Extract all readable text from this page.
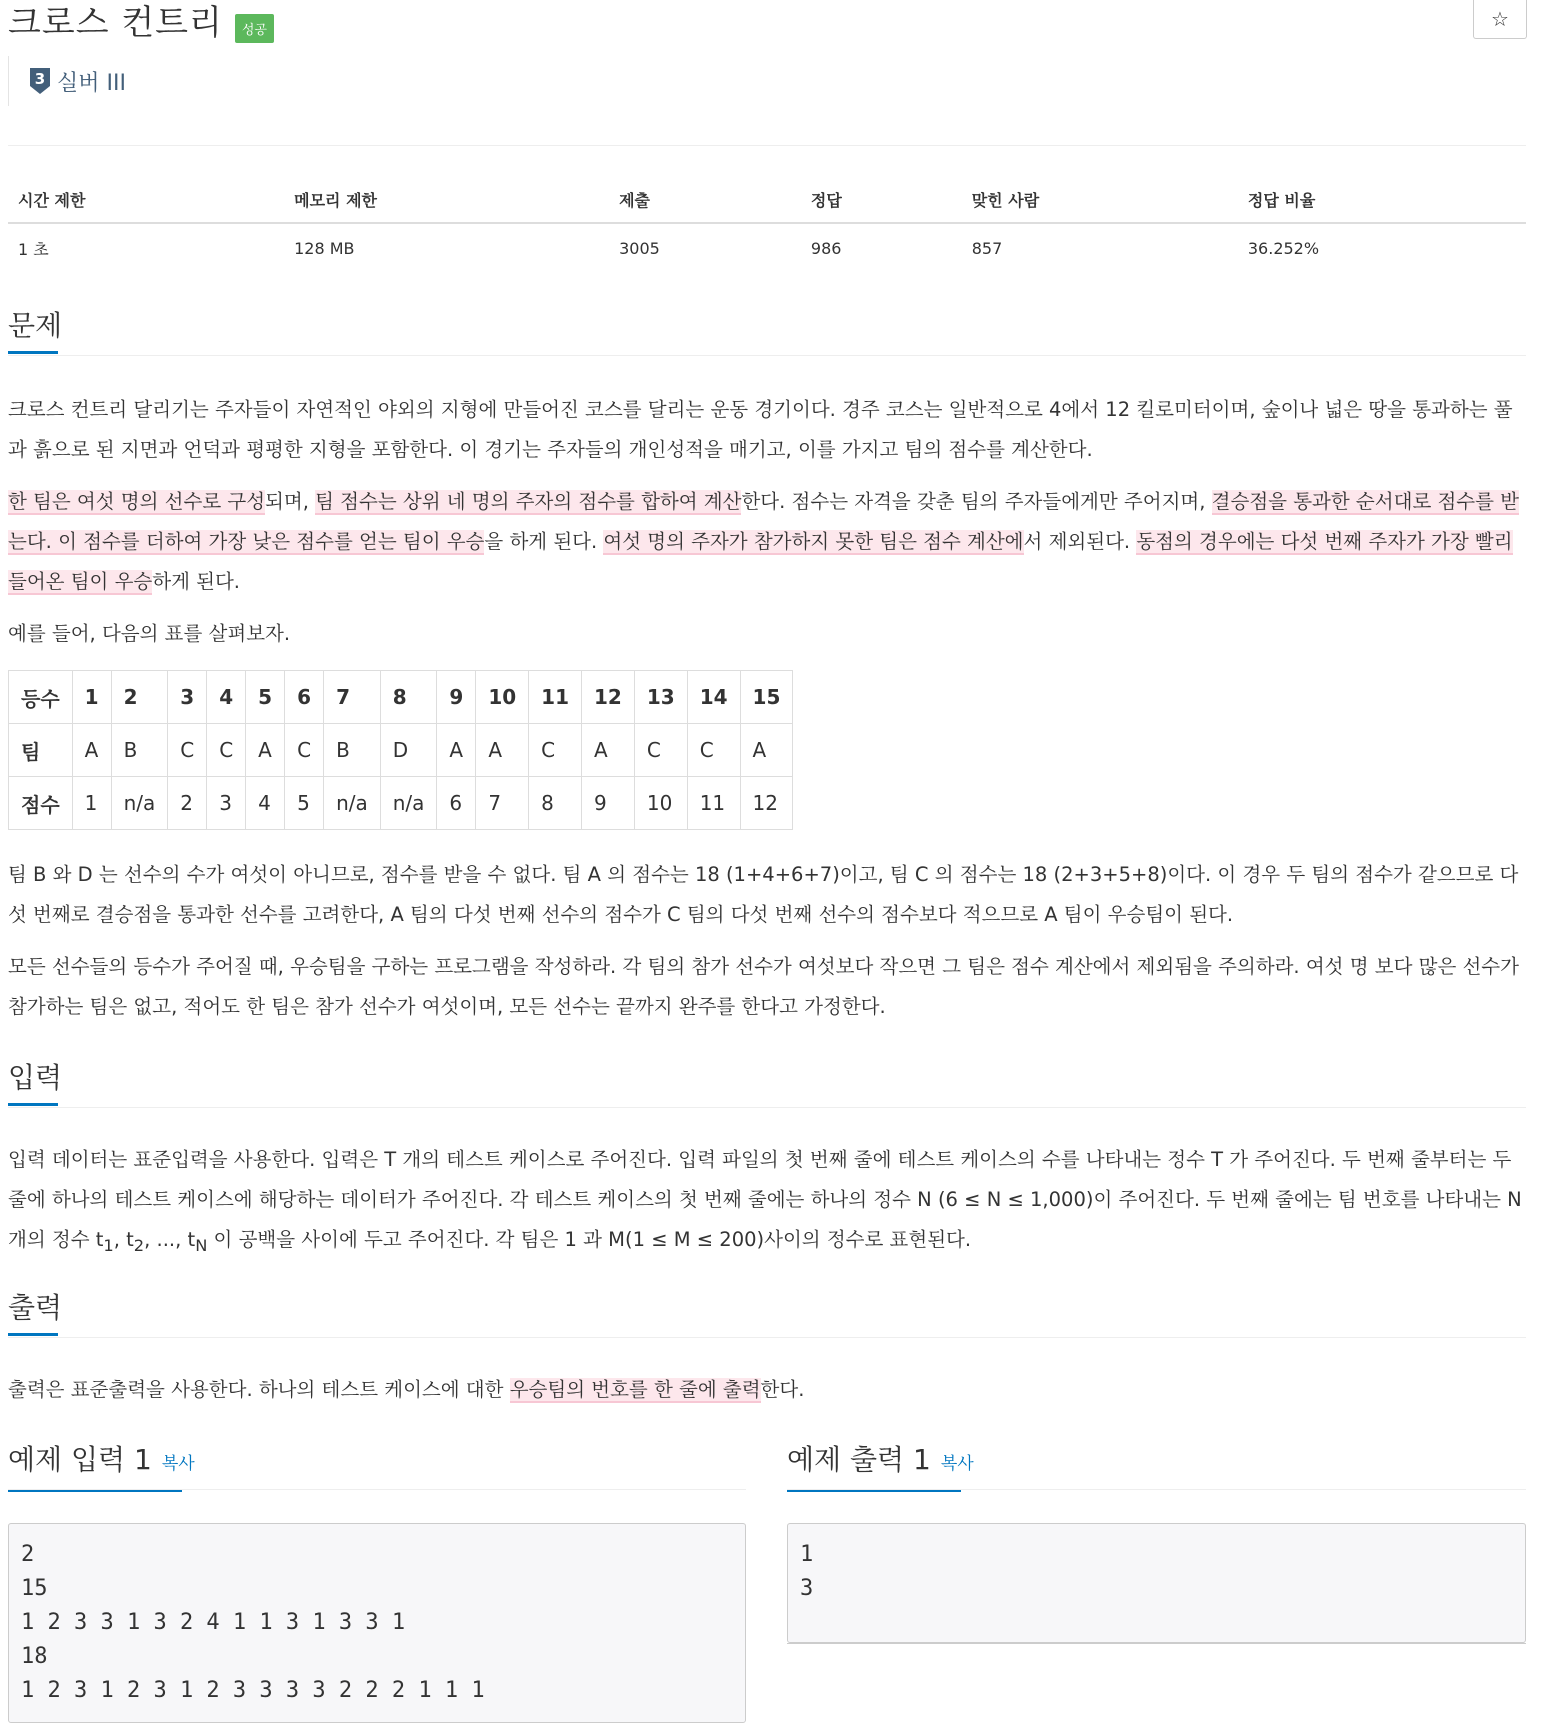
크로스 컨트리	성공	☆
3 실버 III
시간 제한	메모리 제한	제출	정답	맞힌 사람	정답 비율
1 초	128 MB	3005	986	857	36.252%
문제

크로스 컨트리 달리기는 주자들이 자연적인 야외의 지형에 만들어진 코스를 달리는 운동 경기이다. 경주 코스는 일반적으로 4에서 12 킬로미터이며, 숲이나 넓은 땅을 통과하는 풀과 흙으로 된 지면과 언덕과 평평한 지형을 포함한다. 이 경기는 주자들의 개인성적을 매기고, 이를 가지고 팀의 점수를 계산한다.

한 팀은 여섯 명의 선수로 구성되며, 팀 점수는 상위 네 명의 주자의 점수를 합하여 계산한다. 점수는 자격을 갖춘 팀의 주자들에게만 주어지며, 결승점을 통과한 순서대로 점수를 받는다. 이 점수를 더하여 가장 낮은 점수를 얻는 팀이 우승을 하게 된다. 여섯 명의 주자가 참가하지 못한 팀은 점수 계산에서 제외된다. 동점의 경우에는 다섯 번째 주자가 가장 빨리 들어온 팀이 우승하게 된다.

예를 들어, 다음의 표를 살펴보자.

등수	1	2	3	4	5	6	7	8	9	10	11	12	13	14	15
팀	A	B	C	C	A	C	B	D	A	A	C	A	C	C	A
점수	1	n/a	2	3	4	5	n/a	n/a	6	7	8	9	10	11	12

팀 B 와 D 는 선수의 수가 여섯이 아니므로, 점수를 받을 수 없다. 팀 A 의 점수는 18 (1+4+6+7)이고, 팀 C 의 점수는 18 (2+3+5+8)이다. 이 경우 두 팀의 점수가 같으므로 다섯 번째로 결승점을 통과한 선수를 고려한다, A 팀의 다섯 번째 선수의 점수가 C 팀의 다섯 번째 선수의 점수보다 적으므로 A 팀이 우승팀이 된다.

모든 선수들의 등수가 주어질 때, 우승팀을 구하는 프로그램을 작성하라. 각 팀의 참가 선수가 여섯보다 작으면 그 팀은 점수 계산에서 제외됨을 주의하라. 여섯 명 보다 많은 선수가 참가하는 팀은 없고, 적어도 한 팀은 참가 선수가 여섯이며, 모든 선수는 끝까지 완주를 한다고 가정한다.

입력

입력 데이터는 표준입력을 사용한다. 입력은 T 개의 테스트 케이스로 주어진다. 입력 파일의 첫 번째 줄에 테스트 케이스의 수를 나타내는 정수 T 가 주어진다. 두 번째 줄부터는 두 줄에 하나의 테스트 케이스에 해당하는 데이터가 주어진다. 각 테스트 케이스의 첫 번째 줄에는 하나의 정수 N (6 ≤ N ≤ 1,000)이 주어진다. 두 번째 줄에는 팀 번호를 나타내는 N 개의 정수 $t_1$, $t_2$, ..., $t_N$ 이 공백을 사이에 두고 주어진다. 각 팀은 1 과 M(1 ≤ M ≤ 200)사이의 정수로 표현된다.

출력

출력은 표준출력을 사용한다. 하나의 테스트 케이스에 대한 우승팀의 번호를 한 줄에 출력한다.

예제 입력 1 복사
2
15
1 2 3 3 1 3 2 4 1 1 3 1 3 3 1
18
1 2 3 1 2 3 1 2 3 3 3 3 2 2 2 1 1 1
예제 출력 1 복사
1
3
